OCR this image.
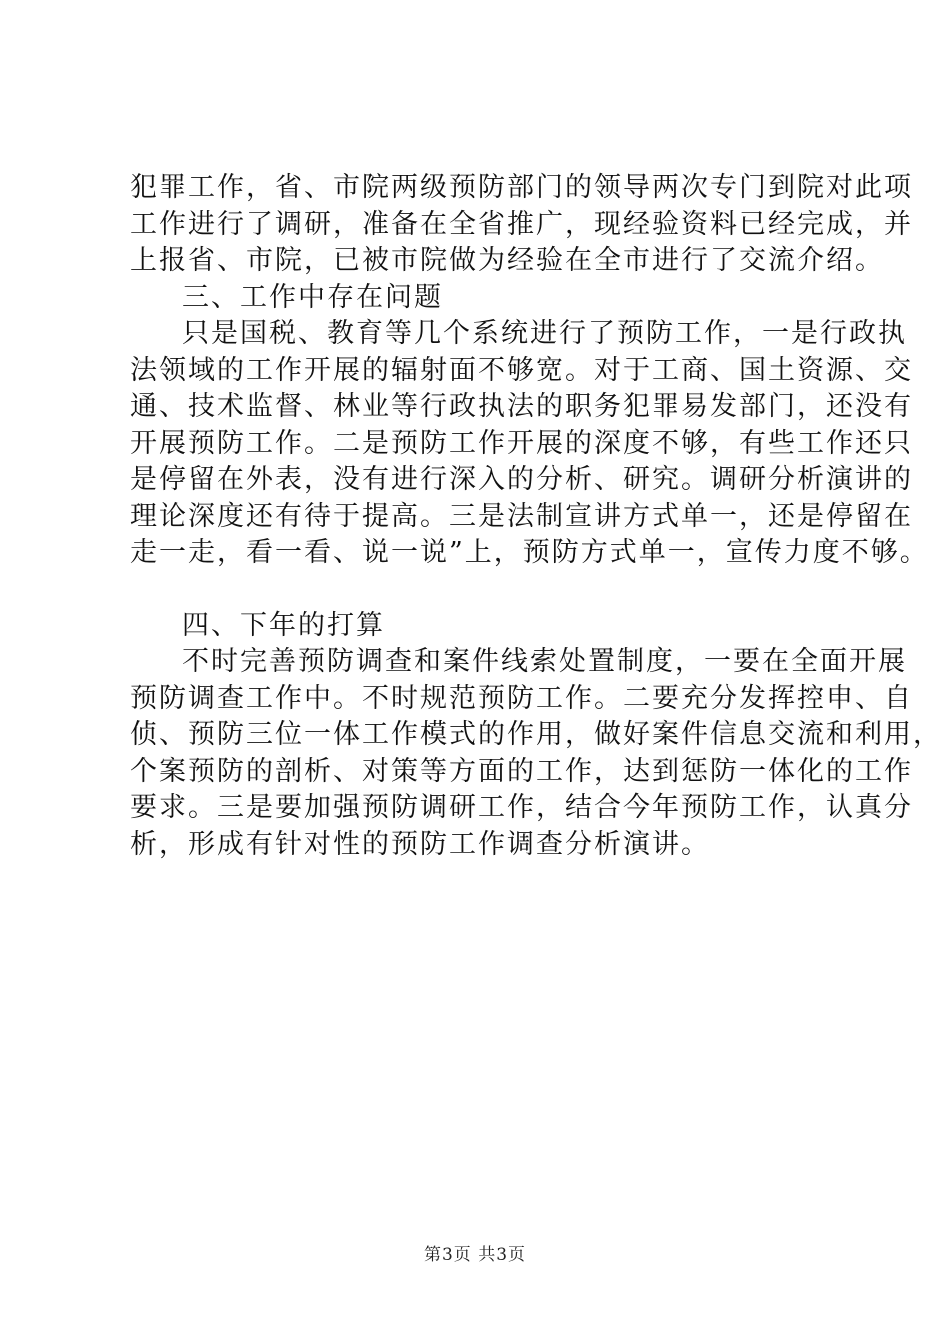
犯罪工作，省、市院两级预防部门的领导两次专门到院对此项
工作进行了调研，准备在全省推广，现经验资料已经完成，并
上报省、市院，已被市院做为经验在全市进行了交流介绍。
三、工作中存在问题
只是国税、教育等几个系统进行了预防工作，一是行政执
法领域的工作开展的辐射面不够宽。对于工商、国土资源、交
通、技术监督、林业等行政执法的职务犯罪易发部门，还没有
开展预防工作。二是预防工作开展的深度不够，有些工作还只
是停留在外表，没有进行深入的分析、研究。调研分析演讲的
理论深度还有待于提高。三是法制宣讲方式单一，还是停留在
走一走，看一看、说一说”上，预防方式单一，宣传力度不够。
四、下年的打算
不时完善预防调查和案件线索处置制度，一要在全面开展
预防调查工作中。不时规范预防工作。二要充分发挥控申、自
侦、预防三位一体工作模式的作用，做好案件信息交流和利用，
个案预防的剖析、对策等方面的工作，达到惩防一体化的工作
要求。三是要加强预防调研工作，结合今年预防工作，认真分
析，形成有针对性的预防工作调查分析演讲。
第3页 共3页
